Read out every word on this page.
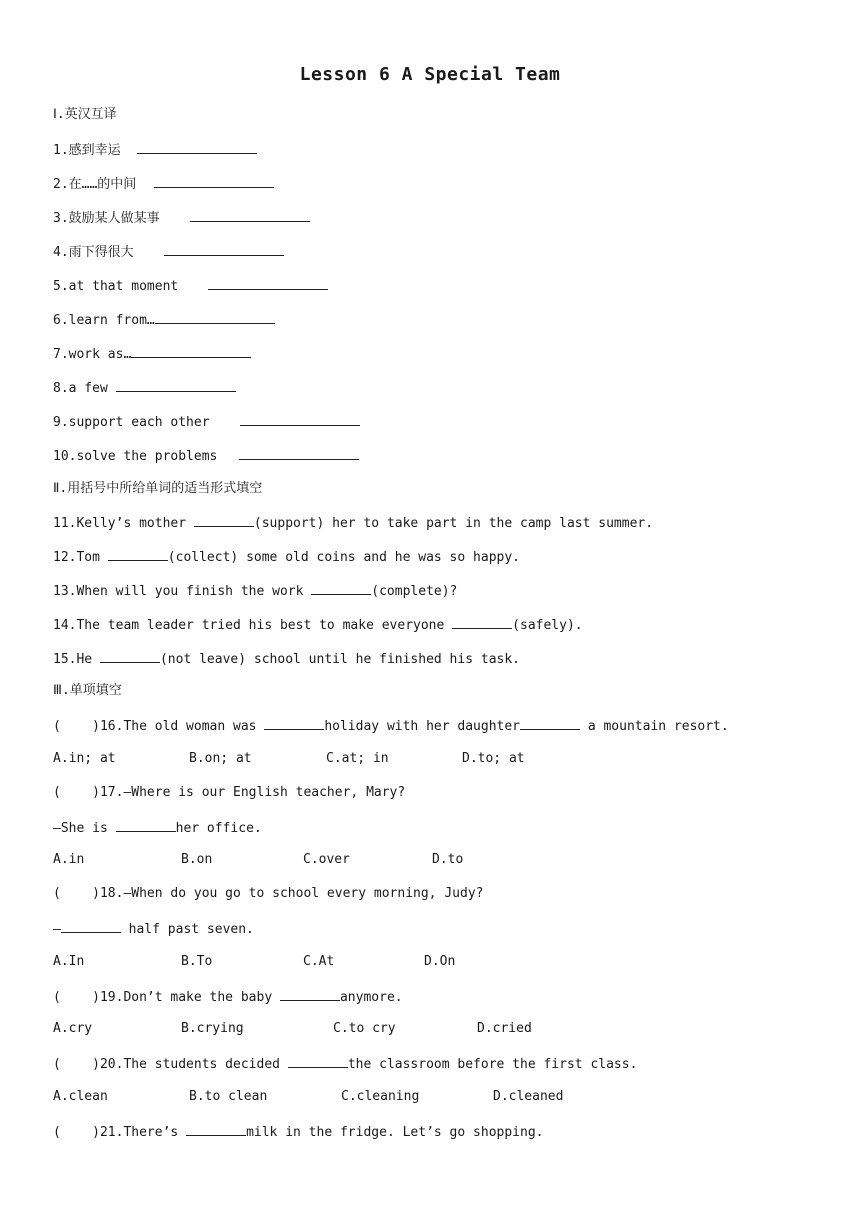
Lesson 6 A Special Team
Ⅰ.英汉互译
1.感到幸运
2.在……的中间
3.鼓励某人做某事
4.雨下得很大
5.at that moment
6.learn from…
7.work as…
8.a few
9.support each other
10.solve the problems
Ⅱ.用括号中所给单词的适当形式填空
11.Kelly’s mother	(support) her to take part in the camp last summer.
12.Tom	(collect) some old coins and he was so happy.
13.When will you finish the work	(complete)?
14.The team leader tried his best to make everyone	(safely).
15.He	(not leave) school until he finished his task.
Ⅲ.单项填空
(    )16.The old woman was	holiday with her daughter	a mountain resort.
A.in; at	B.on; at	C.at; in	D.to; at
(    )17.—Where is our English teacher, Mary?
—She is	her office.
A.in	B.on	C.over	D.to
(    )18.—When do you go to school every morning, Judy?
—	half past seven.
A.In	B.To	C.At	D.On
(    )19.Don’t make the baby	anymore.
A.cry	B.crying	C.to cry	D.cried
(    )20.The students decided	the classroom before the first class.
A.clean	B.to clean	C.cleaning	D.cleaned
(    )21.There’s	milk in the fridge. Let’s go shopping.
